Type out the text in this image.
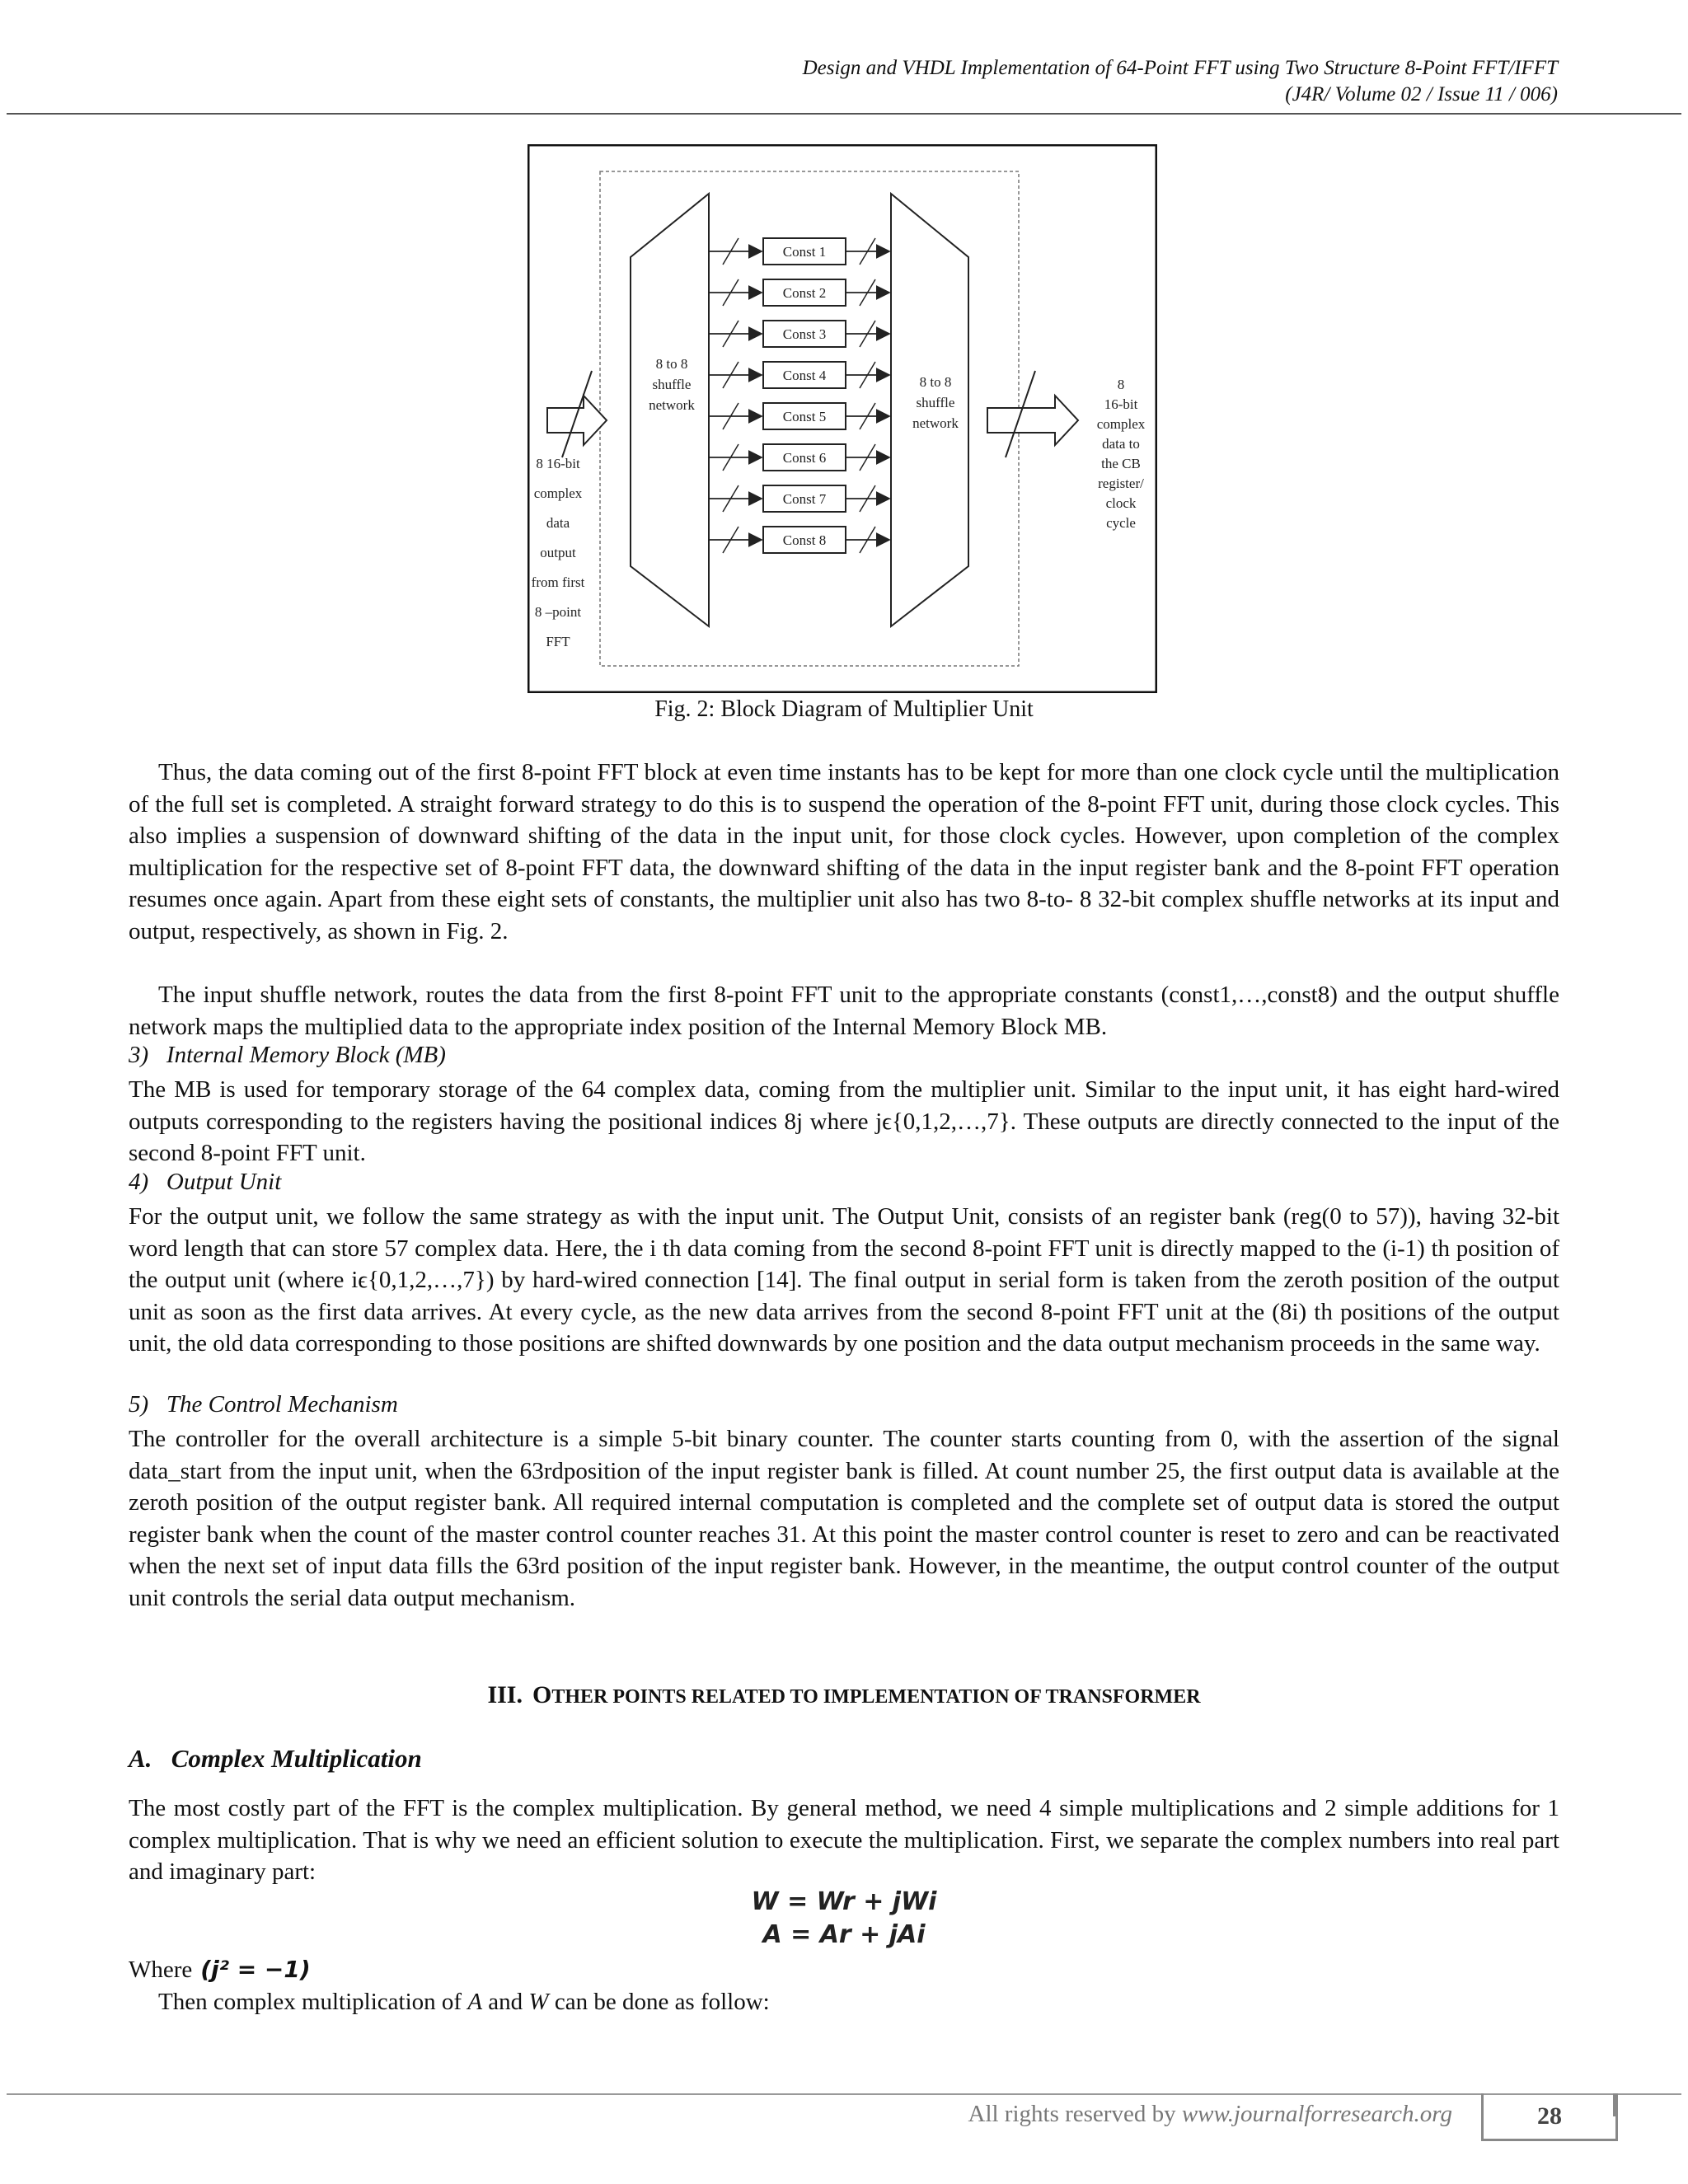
Design and VHDL Implementation of 64-Point FFT using Two Structure 8-Point FFT/IFFT
(J4R/ Volume 02 / Issue 11 / 006)
8 to 8
shuffle
network
8 to 8
shuffle
network
Const 1
Const 2
Const 3
Const 4
Const 5
Const 6
Const 7
Const 8
8 16-bit
complex
data
output
from first
8 –point
FFT
8
16-bit
complex
data to
the CB
register/
clock
cycle
Fig. 2: Block Diagram of Multiplier Unit
Thus, the data coming out of the first 8-point FFT block at even time instants has to be kept for more than one clock cycle until the multiplication of the full set is completed. A straight forward strategy to do this is to suspend the operation of the 8-point FFT unit, during those clock cycles. This also implies a suspension of downward shifting of the data in the input unit, for those clock cycles. However, upon completion of the complex multiplication for the respective set of 8-point FFT data, the downward shifting of the data in the input register bank and the 8-point FFT operation resumes once again. Apart from these eight sets of constants, the multiplier unit also has two 8-to- 8 32-bit complex shuffle networks at its input and output, respectively, as shown in Fig. 2.
The input shuffle network, routes the data from the first 8-point FFT unit to the appropriate constants (const1,…,const8) and the output shuffle network maps the multiplied data to the appropriate index position of the Internal Memory Block MB.
3)  Internal Memory Block (MB)
The MB is used for temporary storage of the 64 complex data, coming from the multiplier unit. Similar to the input unit, it has eight hard-wired outputs corresponding to the registers having the positional indices 8j where jϵ{0,1,2,…,7}. These outputs are directly connected to the input of the second 8-point FFT unit.
4)  Output Unit
For the output unit, we follow the same strategy as with the input unit. The Output Unit, consists of an register bank (reg(0 to 57)), having 32-bit word length that can store 57 complex data. Here, the i th data coming from the second 8-point FFT unit is directly mapped to the (i-1) th position of the output unit (where iϵ{0,1,2,…,7}) by hard-wired connection [14]. The final output in serial form is taken from the zeroth position of the output unit as soon as the first data arrives. At every cycle, as the new data arrives from the second 8-point FFT unit at the (8i) th positions of the output unit, the old data corresponding to those positions are shifted downwards by one position and the data output mechanism proceeds in the same way.
5)  The Control Mechanism
The controller for the overall architecture is a simple 5-bit binary counter. The counter starts counting from 0, with the assertion of the signal data_start from the input unit, when the 63rdposition of the input register bank is filled. At count number 25, the first output data is available at the zeroth position of the output register bank. All required internal computation is completed and the complete set of output data is stored the output register bank when the count of the master control counter reaches 31. At this point the master control counter is reset to zero and can be reactivated when the next set of input data fills the 63rd position of the input register bank. However, in the meantime, the output control counter of the output unit controls the serial data output mechanism.
III. OTHER POINTS RELATED TO IMPLEMENTATION OF TRANSFORMER
A. Complex Multiplication
The most costly part of the FFT is the complex multiplication. By general method, we need 4 simple multiplications and 2 simple additions for 1 complex multiplication. That is why we need an efficient solution to execute the multiplication. First, we separate the complex numbers into real part and imaginary part:
W = Wr + jWi
A = Ar + jAi
Where (j² = −1)
Then complex multiplication of A and W can be done as follow:
All rights reserved by www.journalforresearch.org	28
